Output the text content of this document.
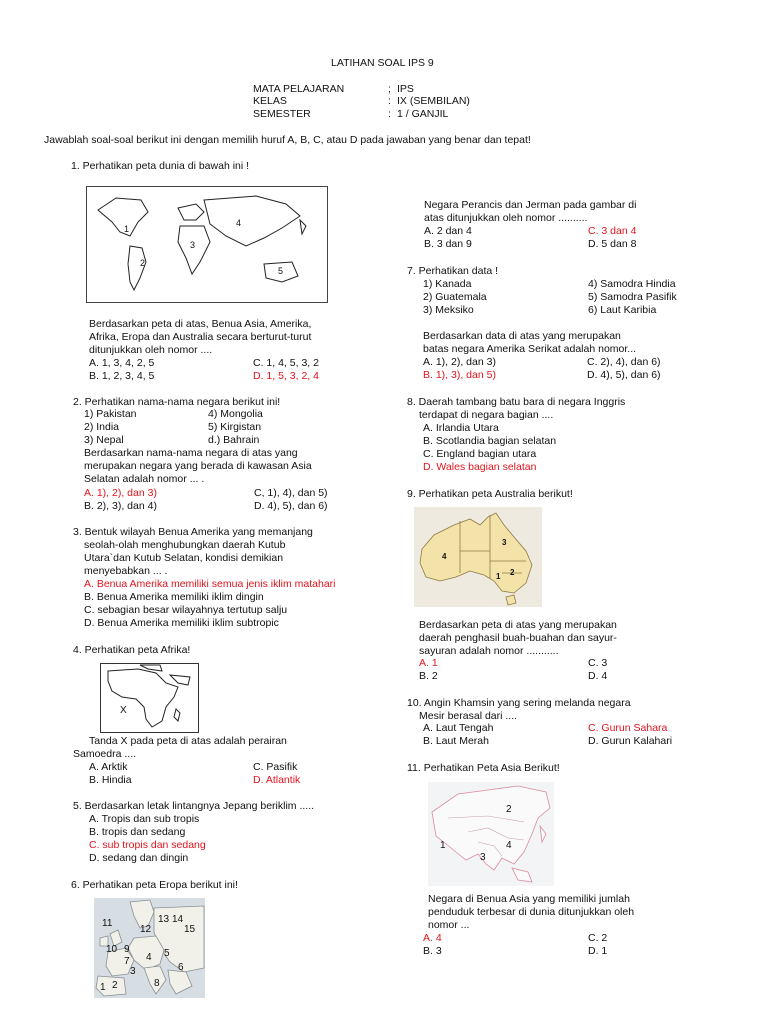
LATIHAN SOAL IPS 9
MATA PELAJARAN	; IPS
KELAS	: IX (SEMBILAN)
SEMESTER	: 1 / GANJIL
Jawablah soal-soal berikut ini dengan memilih huruf A, B, C, atau D pada jawaban yang benar dan tepat!
1. Perhatikan peta dunia di bawah ini !
1
2
3
4
5
Berdasarkan peta di atas, Benua Asia, Amerika,
Afrika, Eropa dan Australia secara berturut-turut
ditunjukkan oleh nomor ....
A. 1, 3, 4, 2, 5	C. 1, 4, 5, 3, 2
B. 1, 2, 3, 4, 5	D. 1, 5, 3, 2, 4
2. Perhatikan nama-nama negara berikut ini!
1) Pakistan	4) Mongolia
2) India	5) Kirgistan
3) Nepal	d.) Bahrain
Berdasarkan nama-nama negara di atas yang
merupakan negara yang berada di kawasan Asia
Selatan adalah nomor ... .
A. 1), 2), dan 3)	C, 1), 4), dan 5)
B. 2), 3), dan 4)	D. 4), 5), dan 6)
3. Bentuk wilayah Benua Amerika yang memanjang
seolah-olah menghubungkan daerah Kutub
Utara`dan Kutub Selatan, kondisi demikian
menyebabkan ... .
A. Benua Amerika memiliki semua jenis iklim matahari
B. Benua Amerika memiliki iklim dingin
C. sebagian besar wilayahnya tertutup salju
D. Benua Amerika memiliki iklim subtropic
4. Perhatikan peta Afrika!
X
Tanda X pada peta di atas adalah perairan
Samoedra ....
A. Arktik	C. Pasifik
B. Hindia	D. Atlantik
5. Berdasarkan letak lintangnya Jepang beriklim .....
A. Tropis dan sub tropis
B. tropis dan sedang
C. sub tropis dan sedang
D. sedang dan dingin
6. Perhatikan peta Eropa berikut ini!
11	13 14
12	15
10 9
7 4 5
6
3
8
1 2
Negara Perancis dan Jerman pada gambar di
atas ditunjukkan oleh nomor ..........
A. 2 dan 4	C. 3 dan 4
B. 3 dan 9	D. 5 dan 8
7. Perhatikan data !
1) Kanada	4) Samodra Hindia
2) Guatemala	5) Samodra Pasifik
3) Meksiko	6) Laut Karibia
Berdasarkan data di atas yang merupakan
batas negara Amerika Serikat adalah nomor...
A. 1), 2), dan 3)	C. 2), 4), dan 6)
B. 1), 3), dan 5)	D. 4), 5), dan 6)
8. Daerah tambang batu bara di negara Inggris
terdapat di negara bagian ....
A. Irlandia Utara
B. Scotlandia bagian selatan
C. England bagian utara
D. Wales bagian selatan
9. Perhatikan peta Australia berikut!
4
3
2
1
Berdasarkan peta di atas yang merupakan
daerah penghasil buah-buahan dan sayur-
sayuran adalah nomor ...........
A. 1	C. 3
B. 2	D. 4
10. Angin Khamsin yang sering melanda negara
Mesir berasal dari ....
A. Laut Tengah	C. Gurun Sahara
B. Laut Merah	D. Gurun Kalahari
11. Perhatikan Peta Asia Berikut!
2
1	4
3
Negara di Benua Asia yang memiliki jumlah
penduduk terbesar di dunia ditunjukkan oleh
nomor ...
A. 4	C. 2
B. 3	D. 1
